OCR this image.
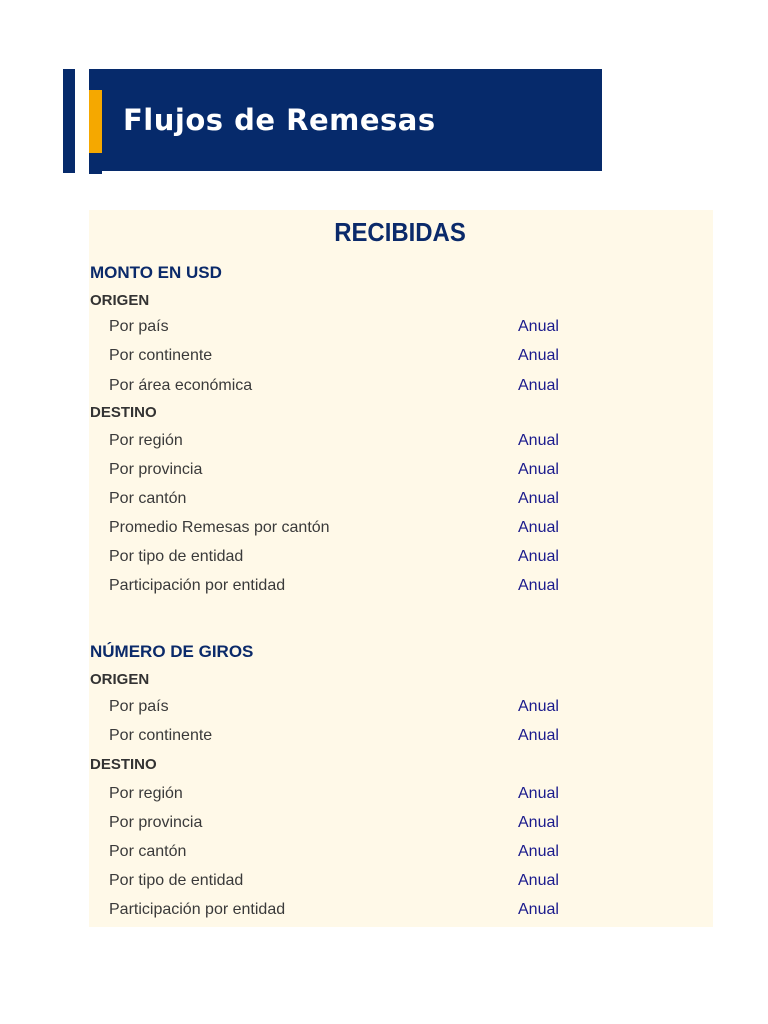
Flujos de Remesas
RECIBIDAS
MONTO EN USD
ORIGEN
Por país	Anual
Por continente	Anual
Por área económica	Anual
DESTINO
Por región	Anual
Por provincia	Anual
Por cantón	Anual
Promedio Remesas por cantón	Anual
Por tipo de entidad	Anual
Participación por entidad	Anual
NÚMERO DE GIROS
ORIGEN
Por país	Anual
Por continente	Anual
DESTINO
Por región	Anual
Por provincia	Anual
Por cantón	Anual
Por tipo de entidad	Anual
Participación por entidad	Anual
